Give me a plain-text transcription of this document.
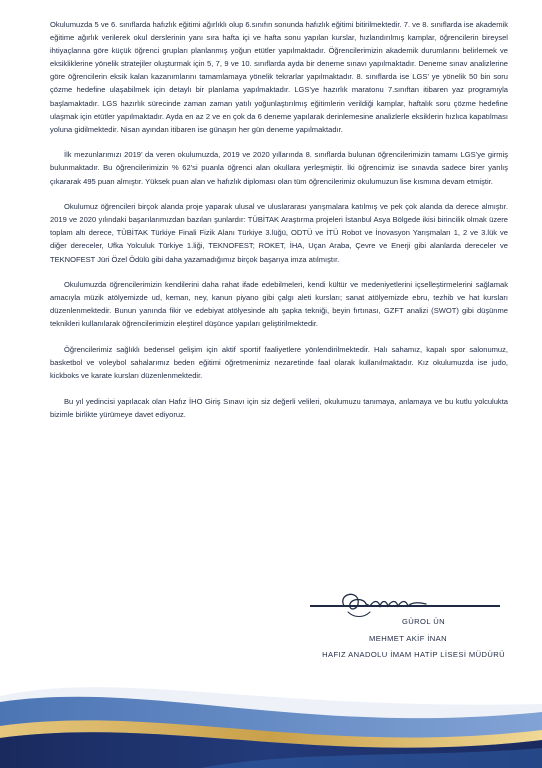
Okulumuzda 5 ve 6. sınıflarda hafızlık eğitimi ağırlıklı olup 6.sınıfın sonunda hafızlık eğitimi bitirilmektedir. 7. ve 8. sınıflarda ise akademik eğitime ağırlık verilerek okul derslerinin yanı sıra hafta içi ve hafta sonu yapılan kurslar, hızlandırılmış kamplar, öğrencilerin bireysel ihtiyaçlarına göre küçük öğrenci grupları planlanmış yoğun etütler yapılmaktadır. Öğrencilerimizin akademik durumlarını belirlemek ve eksikliklerine yönelik stratejiler oluşturmak için 5, 7, 9 ve 10. sınıflarda ayda bir deneme sınavı yapılmaktadır. Deneme sınav analizlerine göre öğrencilerin eksik kalan kazanımlarını tamamlamaya yönelik tekrarlar yapılmaktadır. 8. sınıflarda ise LGS’ ye yönelik 50 bin soru çözme hedefine ulaşabilmek için detaylı bir planlama yapılmaktadır. LGS’ye hazırlık maratonu 7.sınıftan itibaren yaz programıyla başlamaktadır. LGS hazırlık sürecinde zaman zaman yatılı yoğunlaştırılmış eğitimlerin verildiği kamplar, haftalık soru çözme hedefine ulaşmak için etütler yapılmaktadır. Ayda en az 2 ve en çok da 6 deneme yapılarak derinlemesine analizlerle eksiklerin hızlıca kapatılması yoluna gidilmektedir. Nisan ayından itibaren ise günaşırı her gün deneme yapılmaktadır.

İlk mezunlarımızı 2019’ da veren okulumuzda, 2019 ve 2020 yıllarında 8. sınıflarda bulunan öğrencilerimizin tamamı LGS’ye girmiş bulunmaktadır. Bu öğrencilerimizin % 62’si puanla öğrenci alan okullara yerleşmiştir. İki öğrencimiz ise sınavda sadece birer yanlış çıkararak 495 puan almıştır. Yüksek puan alan ve hafızlık diploması olan tüm öğrencilerimiz okulumuzun lise kısmına devam etmiştir.

Okulumuz öğrencileri birçok alanda proje yaparak ulusal ve uluslararası yarışmalara katılmış ve pek çok alanda da derece almıştır. 2019 ve 2020 yılındaki başarılarımızdan bazıları şunlardır: TÜBİTAK Araştırma projeleri İstanbul Asya Bölgede ikisi birincilik olmak üzere toplam altı derece, TÜBİTAK Türkiye Finali Fizik Alanı Türkiye 3.lüğü, ODTÜ ve İTÜ Robot ve İnovasyon Yarışmaları 1, 2 ve 3.lük ve diğer dereceler, Ufka Yolculuk Türkiye 1.liği, TEKNOFEST; ROKET, İHA, Uçan Araba, Çevre ve Enerji gibi alanlarda dereceler ve TEKNOFEST Jüri Özel Ödülü gibi daha yazamadığımız birçok başarıya imza atılmıştır.

Okulumuzda öğrencilerimizin kendilerini daha rahat ifade edebilmeleri, kendi kültür ve medeniyetlerini içselleştirmelerini sağlamak amacıyla müzik atölyemizde ud, keman, ney, kanun piyano gibi çalgı aleti kursları; sanat atölyemizde ebru, tezhib ve hat kursları düzenlenmektedir. Bunun yanında fikir ve edebiyat atölyesinde altı şapka tekniği, beyin fırtınası, GZFT analizi (SWOT) gibi düşünme teknikleri kullanılarak öğrencilerimizin eleştirel düşünce yapıları geliştirilmektedir.

Öğrencilerimiz sağlıklı bedensel gelişim için aktif sportif faaliyetlere yönlendirilmektedir. Halı sahamız, kapalı spor salonumuz, basketbol ve voleybol sahalarımız beden eğitimi öğretmenimiz nezaretinde faal olarak kullanılmaktadır. Kız okulumuzda ise judo, kickboks ve karate kursları düzenlenmektedir.

Bu yıl yedincisi yapılacak olan Hafız İHO Giriş Sınavı için siz değerli velileri, okulumuzu tanımaya, anlamaya ve bu kutlu yolculukta bizimle birlikte yürümeye davet ediyoruz.

GÜROL ÜN
MEHMET AKİF İNAN
HAFIZ ANADOLU İMAM HATİP LİSESİ MÜDÜRÜ
